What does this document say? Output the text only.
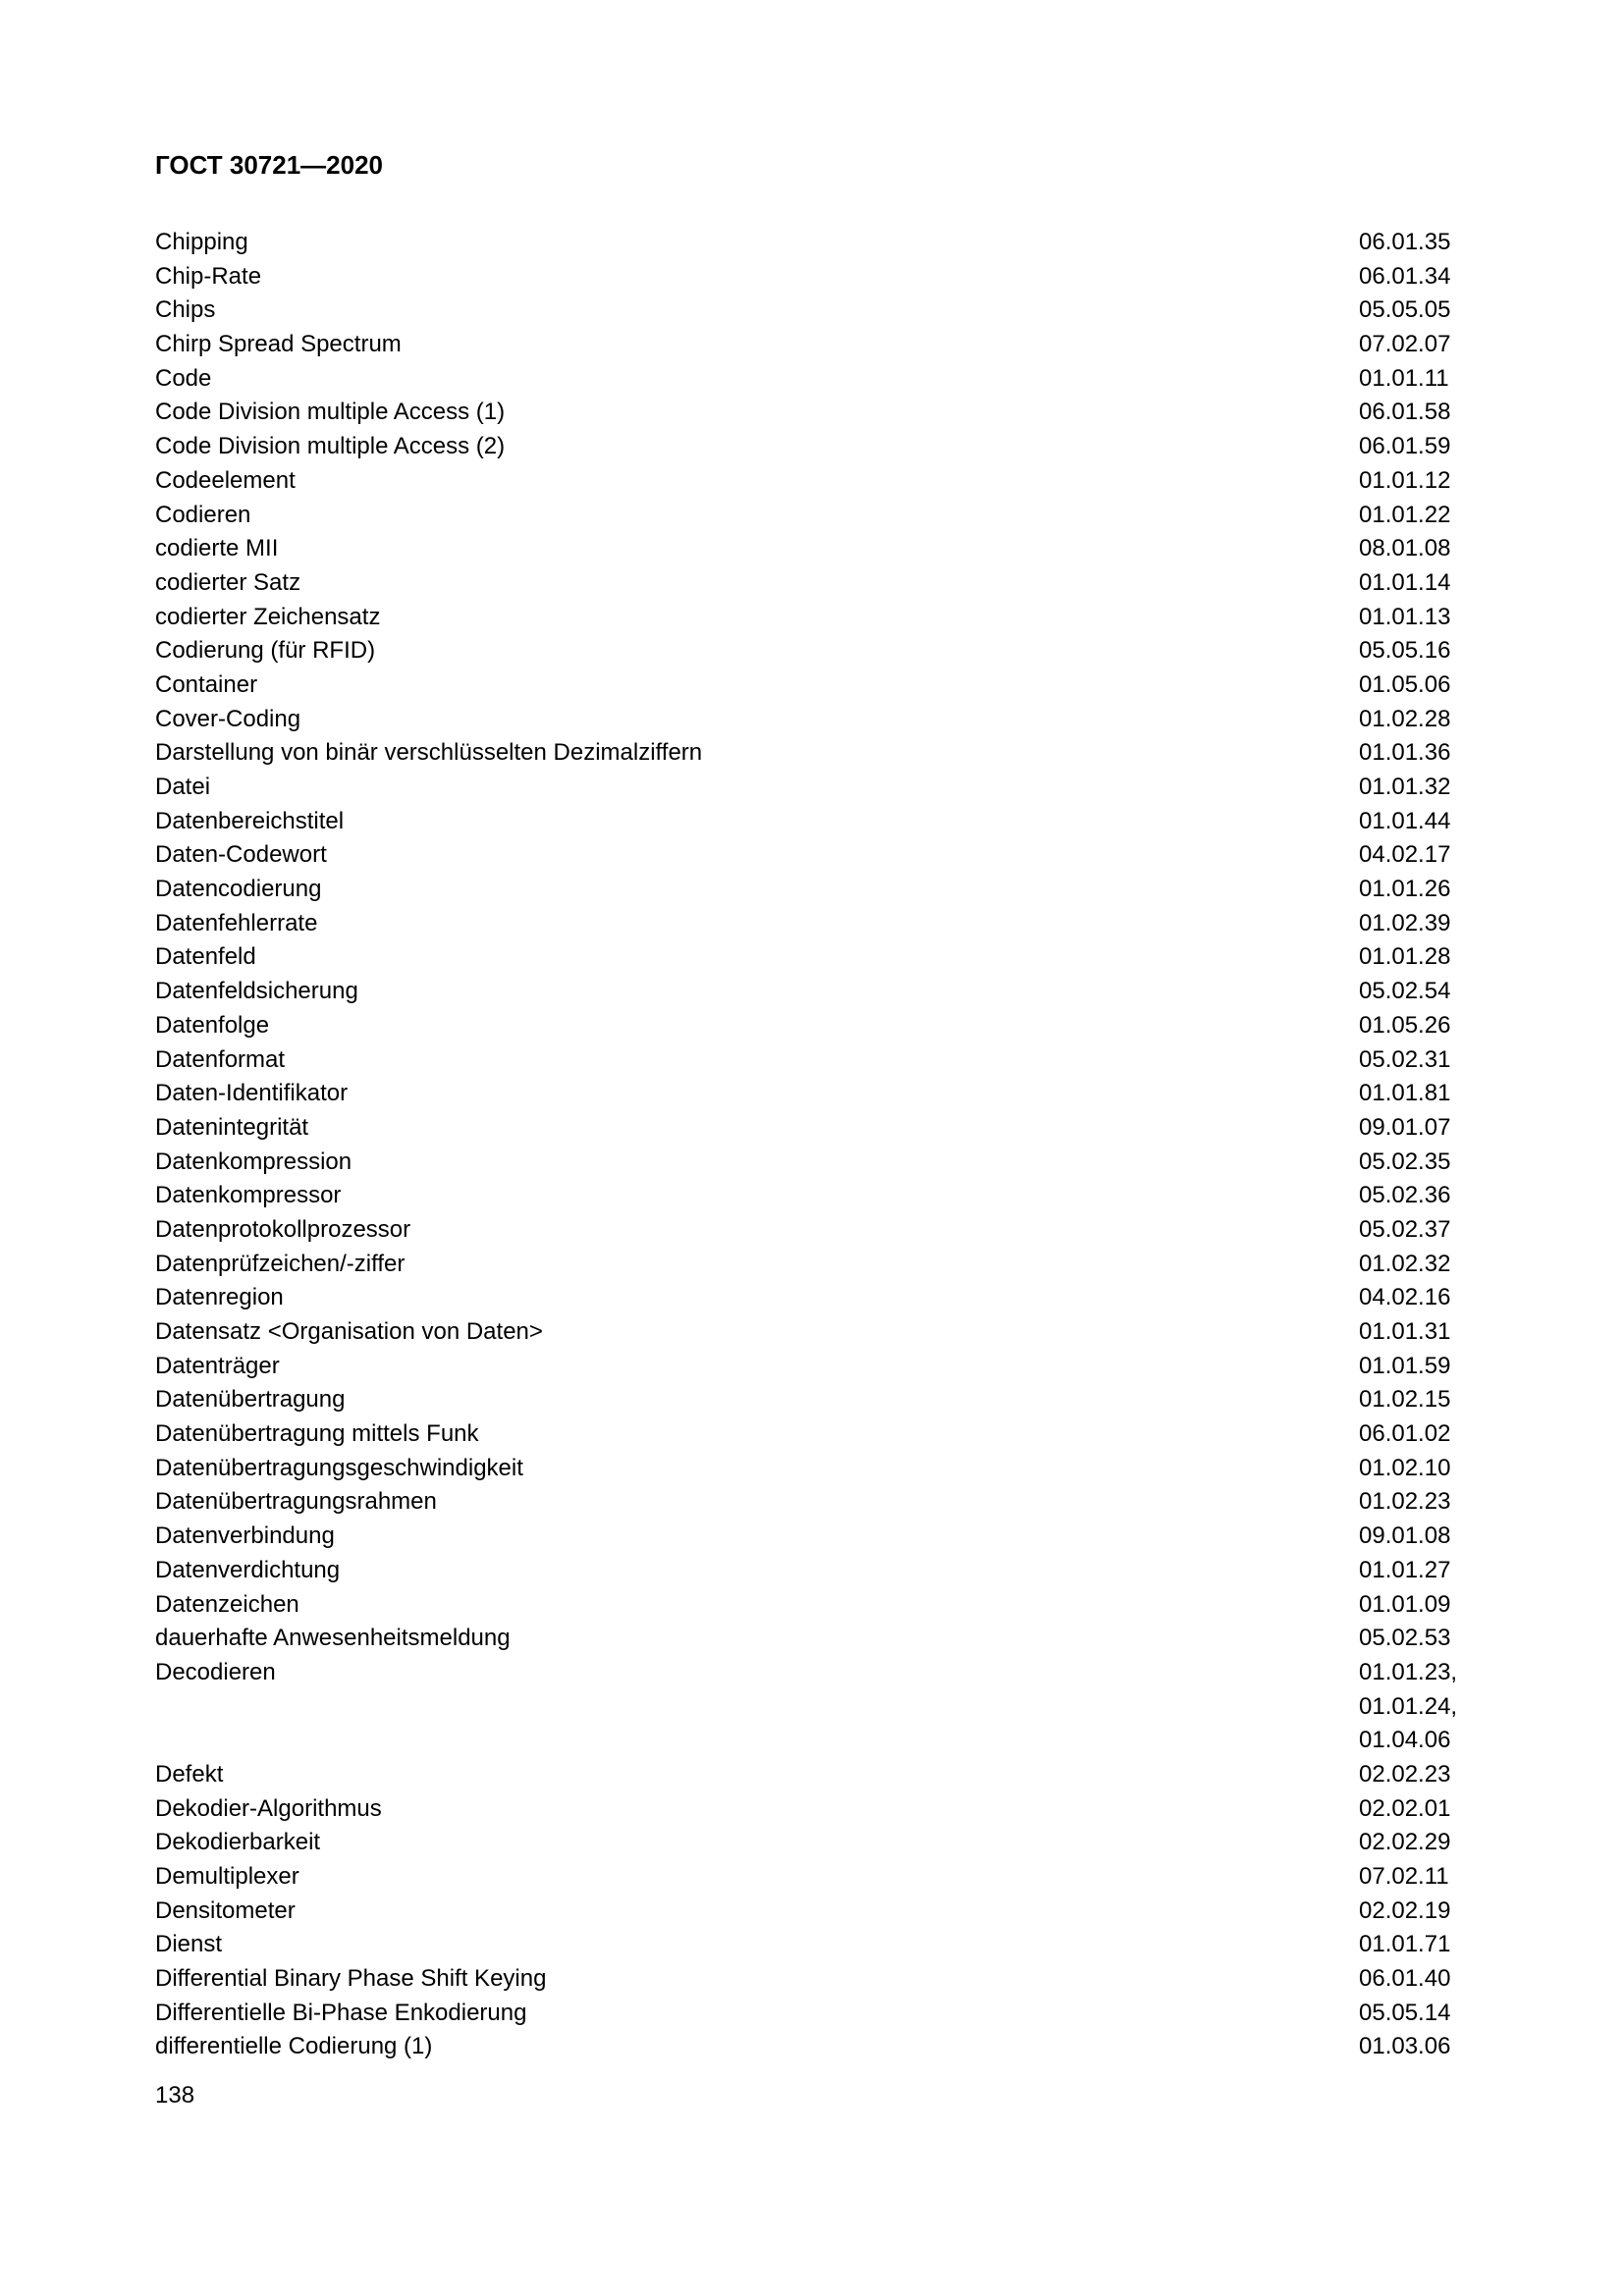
ГОСТ 30721—2020
Chipping	06.01.35
Chip-Rate	06.01.34
Chips	05.05.05
Chirp Spread Spectrum	07.02.07
Code	01.01.11
Code Division multiple Access (1)	06.01.58
Code Division multiple Access (2)	06.01.59
Codeelement	01.01.12
Codieren	01.01.22
codierte MII	08.01.08
codierter Satz	01.01.14
codierter Zeichensatz	01.01.13
Codierung (für RFID)	05.05.16
Container	01.05.06
Cover-Coding	01.02.28
Darstellung von binär verschlüsselten Dezimalziffern	01.01.36
Datei	01.01.32
Datenbereichstitel	01.01.44
Daten-Codewort	04.02.17
Datencodierung	01.01.26
Datenfehlerrate	01.02.39
Datenfeld	01.01.28
Datenfeldsicherung	05.02.54
Datenfolge	01.05.26
Datenformat	05.02.31
Daten-Identifikator	01.01.81
Datenintegrität	09.01.07
Datenkompression	05.02.35
Datenkompressor	05.02.36
Datenprotokollprozessor	05.02.37
Datenprüfzeichen/-ziffer	01.02.32
Datenregion	04.02.16
Datensatz <Organisation von Daten>	01.01.31
Datenträger	01.01.59
Datenübertragung	01.02.15
Datenübertragung mittels Funk	06.01.02
Datenübertragungsgeschwindigkeit	01.02.10
Datenübertragungsrahmen	01.02.23
Datenverbindung	09.01.08
Datenverdichtung	01.01.27
Datenzeichen	01.01.09
dauerhafte Anwesenheitsmeldung	05.02.53
Decodieren	01.01.23,
01.01.24,
01.04.06
Defekt	02.02.23
Dekodier-Algorithmus	02.02.01
Dekodierbarkeit	02.02.29
Demultiplexer	07.02.11
Densitometer	02.02.19
Dienst	01.01.71
Differential Binary Phase Shift Keying	06.01.40
Differentielle Bi-Phase Enkodierung	05.05.14
differentielle Codierung (1)	01.03.06
138
